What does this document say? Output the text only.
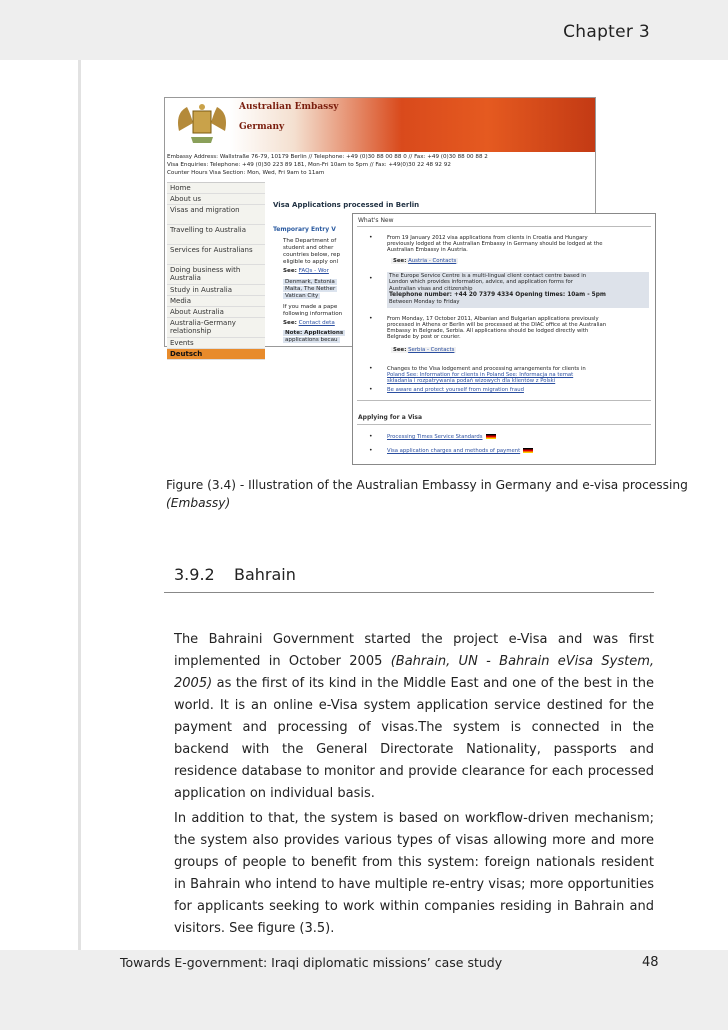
Chapter 3
Australian Embassy
Germany
Embassy Address: Wallstraße 76-79, 10179 Berlin // Telephone: +49 (0)30 88 00 88 0 // Fax: +49 (0)30 88 00 88 2
Visa Enquiries: Telephone: +49 (0)30 223 89 181, Mon-Fri 10am to 5pm // Fax: +49(0)30 22 48 92 92
Counter Hours Visa Section: Mon, Wed, Fri 9am to 11am
Home
About us
Visas and migration
Travelling to Australia
Services for Australians
Doing business with Australia
Study in Australia
Media
About Australia
Australia-Germany relationship
Events
Deutsch
Visa Applications processed in Berlin
Temporary Entry V
The Department of
student and other
countries below, rep
eligible to apply onl
See: FAQs - Wor
Denmark, Estonia
Malta, The Nether
Vatican City
If you made a pape
following information
See: Contact deta
Note: Applications
applications becau
What's New
•	From 19 January 2012 visa applications from clients in Croatia and Hungary
previously lodged at the Australian Embassy in Germany should be lodged at the
Australian Embassy in Austria.
See: Austria - Contacts
•	The Europe Service Centre is a multi-lingual client contact centre based in
London which provides information, advice, and application forms for
Australian visas and citizenship
Telephone number: +44 20 7379 4334 Opening times: 10am - 5pm
Between Monday to Friday
•	From Monday, 17 October 2011, Albanian and Bulgarian applications previously
processed in Athens or Berlin will be processed at the DIAC office at the Australian
Embassy in Belgrade, Serbia. All applications should be lodged directly with
Belgrade by post or courier.
See: Serbia - Contacts
•	Changes to the Visa lodgement and processing arrangements for clients in
Poland See: Information for clients in Poland See: Informacja na temat
składania i rozpatrywania podań wizowych dla klientów z Polski
•	Be aware and protect yourself from migration fraud
Applying for a Visa
•	Processing Times Service Standards
•	Visa application charges and methods of payment
Figure (3.4) - Illustration of the Australian Embassy in Germany and e-visa processing
(Embassy)
3.9.2 Bahrain

The Bahraini Government started the project e-Visa and was first implemented in October 2005 (Bahrain, UN - Bahrain eVisa System, 2005) as the first of its kind in the Middle East and one of the best in the world. It is an online e-Visa system application service destined for the payment and processing of visas.The system is connected in the backend with the General Directorate Nationality, passports and residence database to monitor and provide clearance for each processed application on individual basis.

In addition to that, the system is based on workflow-driven mechanism; the system also provides various types of visas allowing more and more groups of people to benefit from this system: foreign nationals resident in Bahrain who intend to have multiple re-entry visas; more opportunities for applicants seeking to work within companies residing in Bahrain and visitors. See figure (3.5).

Towards E-government: Iraqi diplomatic missions’ case study	48
